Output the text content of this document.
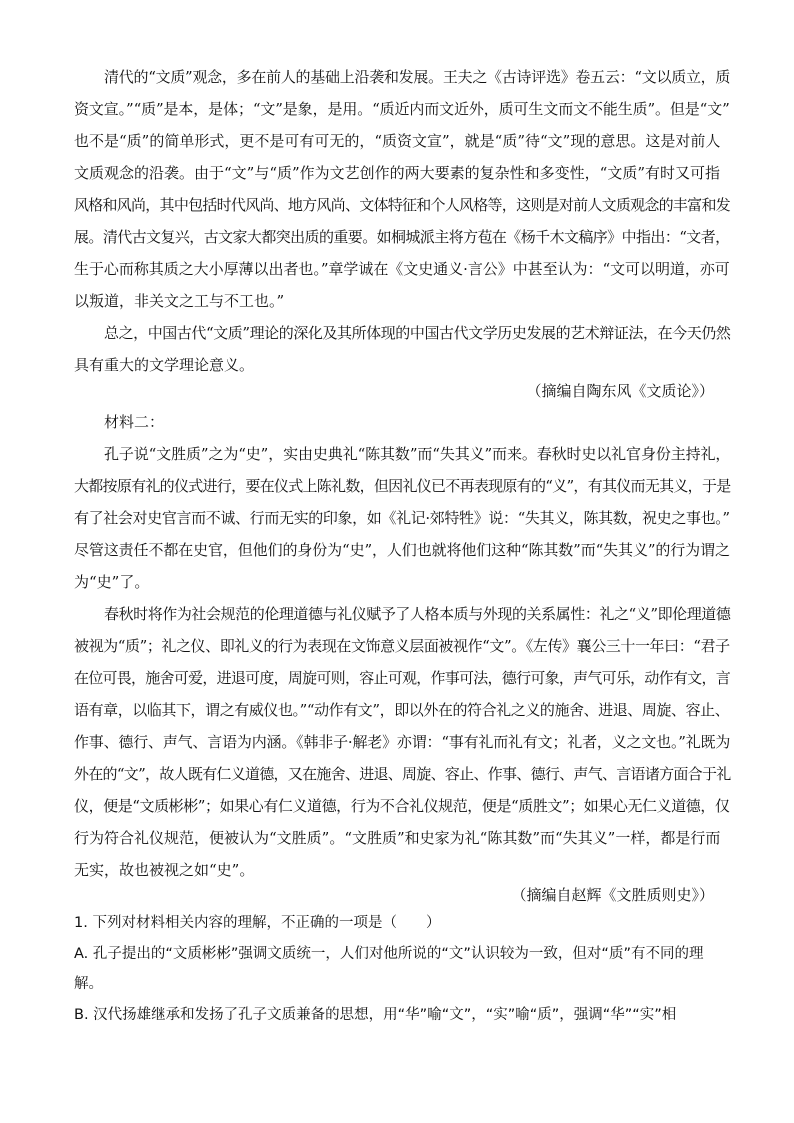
清代的“文质”观念，多在前人的基础上沿袭和发展。王夫之《古诗评选》卷五云：“文以质立，质
资文宣。”“质”是本，是体；“文”是象，是用。“质近内而文近外，质可生文而文不能生质”。但是“文”
也不是“质”的简单形式，更不是可有可无的，“质资文宣”，就是“质”待“文”现的意思。这是对前人
文质观念的沿袭。由于“文”与“质”作为文艺创作的两大要素的复杂性和多变性，“文质”有时又可指
风格和风尚，其中包括时代风尚、地方风尚、文体特征和个人风格等，这则是对前人文质观念的丰富和发
展。清代古文复兴，古文家大都突出质的重要。如桐城派主将方苞在《杨千木文稿序》中指出：“文者，
生于心而称其质之大小厚薄以出者也。”章学诚在《文史通义·言公》中甚至认为：“文可以明道，亦可
以叛道，非关文之工与不工也。”
总之，中国古代“文质”理论的深化及其所体现的中国古代文学历史发展的艺术辩证法，在今天仍然
具有重大的文学理论意义。
（摘编自陶东风《文质论》）
材料二：
孔子说“文胜质”之为“史”，实由史典礼“陈其数”而“失其义”而来。春秋时史以礼官身份主持礼，
大都按原有礼的仪式进行，要在仪式上陈礼数，但因礼仪已不再表现原有的“义”，有其仪而无其义，于是
有了社会对史官言而不诚、行而无实的印象，如《礼记·郊特牲》说：“失其义，陈其数，祝史之事也。”
尽管这责任不都在史官，但他们的身份为“史”，人们也就将他们这种“陈其数”而“失其义”的行为谓之
为“史”了。
春秋时将作为社会规范的伦理道德与礼仪赋予了人格本质与外现的关系属性：礼之“义”即伦理道德
被视为“质”；礼之仪、即礼义的行为表现在文饰意义层面被视作“文”。《左传》襄公三十一年曰：“君子
在位可畏，施舍可爱，进退可度，周旋可则，容止可观，作事可法，德行可象，声气可乐，动作有文，言
语有章，以临其下，谓之有威仪也。”“动作有文”，即以外在的符合礼之义的施舍、进退、周旋、容止、
作事、德行、声气、言语为内涵。《韩非子·解老》亦谓：“事有礼而礼有文；礼者，义之文也。”礼既为
外在的“文”，故人既有仁义道德，又在施舍、进退、周旋、容止、作事、德行、声气、言语诸方面合于礼
仪，便是“文质彬彬”；如果心有仁义道德，行为不合礼仪规范，便是“质胜文”；如果心无仁义道德，仅
行为符合礼仪规范，便被认为“文胜质”。“文胜质”和史家为礼“陈其数”而“失其义”一样，都是行而
无实，故也被视之如“史”。
（摘编自赵辉《文胜质则史》）
1. 下列对材料相关内容的理解，不正确的一项是（　　）
A. 孔子提出的“文质彬彬”强调文质统一，人们对他所说的“文”认识较为一致，但对“质”有不同的理
解。
B. 汉代扬雄继承和发扬了孔子文质兼备的思想，用“华”喻“文”，“实”喻“质”，强调“华”“实”相
